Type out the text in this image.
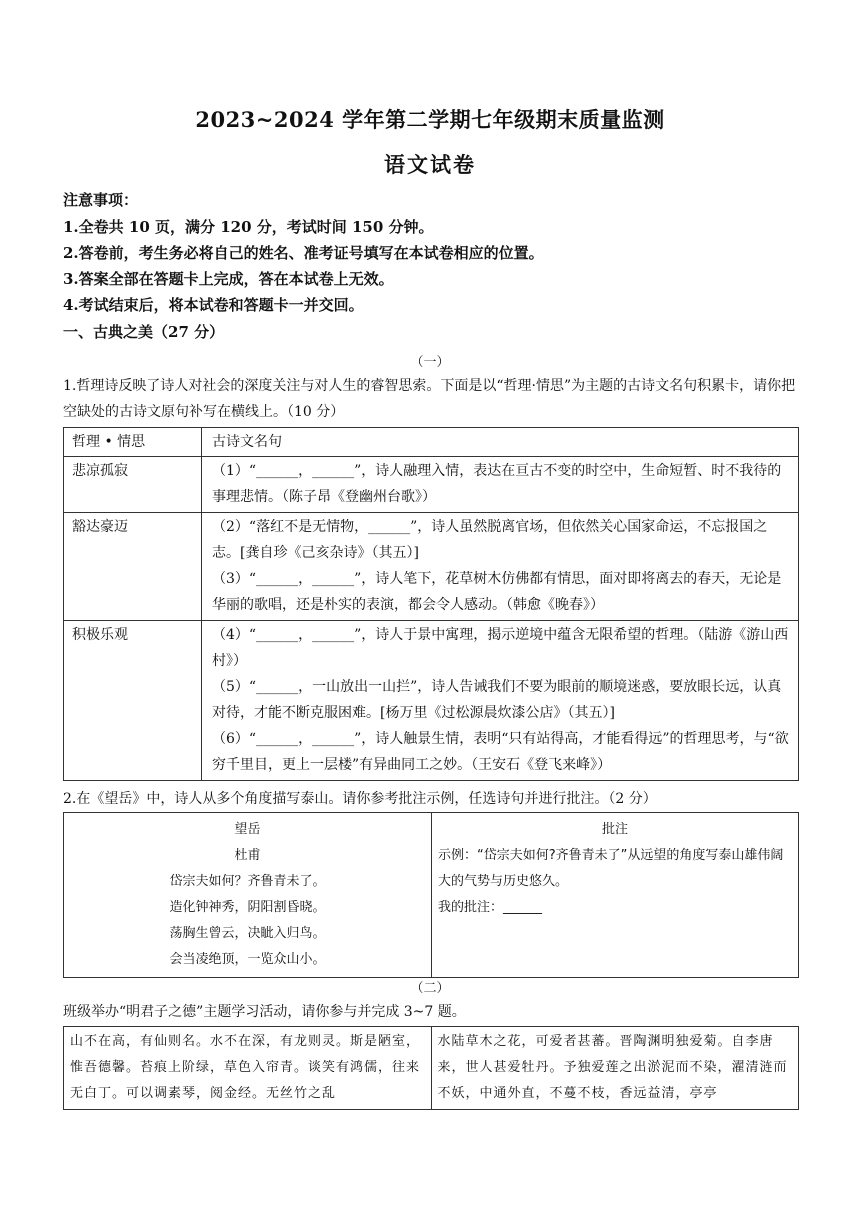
2023~2024 学年第二学期七年级期末质量监测
语文试卷
注意事项：
1.全卷共 10 页，满分 120 分，考试时间 150 分钟。
2.答卷前，考生务必将自己的姓名、准考证号填写在本试卷相应的位置。
3.答案全部在答题卡上完成，答在本试卷上无效。
4.考试结束后，将本试卷和答题卡一并交回。
一、古典之美（27 分）
（一）
1.哲理诗反映了诗人对社会的深度关注与对人生的睿智思索。下面是以“哲理·情思”为主题的古诗文名句积累卡，请你把空缺处的古诗文原句补写在横线上。（10 分）
哲理 • 情思	古诗文名句
悲凉孤寂	（1）“______，______”，诗人融理入情，表达在亘古不变的时空中，生命短暂、时不我待的事理悲情。（陈子昂《登幽州台歌》）

豁达豪迈	（2）“落红不是无情物，______”，诗人虽然脱离官场，但依然关心国家命运，不忘报国之志。[龚自珍《己亥杂诗》（其五）]

（3）“______，______”，诗人笔下，花草树木仿佛都有情思，面对即将离去的春天，无论是华丽的歌唱，还是朴实的表演，都会令人感动。（韩愈《晚春》）

积极乐观	（4）“______，______”，诗人于景中寓理，揭示逆境中蕴含无限希望的哲理。（陆游《游山西村》）

（5）“______，一山放出一山拦”，诗人告诫我们不要为眼前的顺境迷惑，要放眼长远，认真对待，才能不断克服困难。[杨万里《过松源晨炊漆公店》（其五）]

（6）“______，______”，诗人触景生情，表明“只有站得高，才能看得远”的哲理思考，与“欲穷千里目，更上一层楼”有异曲同工之妙。（王安石《登飞来峰》）

2.在《望岳》中，诗人从多个角度描写泰山。请你参考批注示例，任选诗句并进行批注。（2 分）
望岳
杜甫
岱宗夫如何？齐鲁青未了。
造化钟神秀，阴阳割昏晓。
荡胸生曾云，决眦入归鸟。
会当凌绝顶，一览众山小。

批注
示例：“岱宗夫如何?齐鲁青未了”从远望的角度写泰山雄伟阔大的气势与历史悠久。
我的批注：______
（二）
班级举办“明君子之德”主题学习活动，请你参与并完成 3~7 题。
山不在高，有仙则名。水不在深，有龙则灵。斯是陋室，惟吾德馨。苔痕上阶绿，草色入帘青。谈笑有鸿儒，往来无白丁。可以调素琴，阅金经。无丝竹之乱	水陆草木之花，可爱者甚蕃。晋陶渊明独爱菊。自李唐来，世人甚爱牡丹。予独爱莲之出淤泥而不染，濯清涟而不妖，中通外直，不蔓不枝，香远益清，亭亭
